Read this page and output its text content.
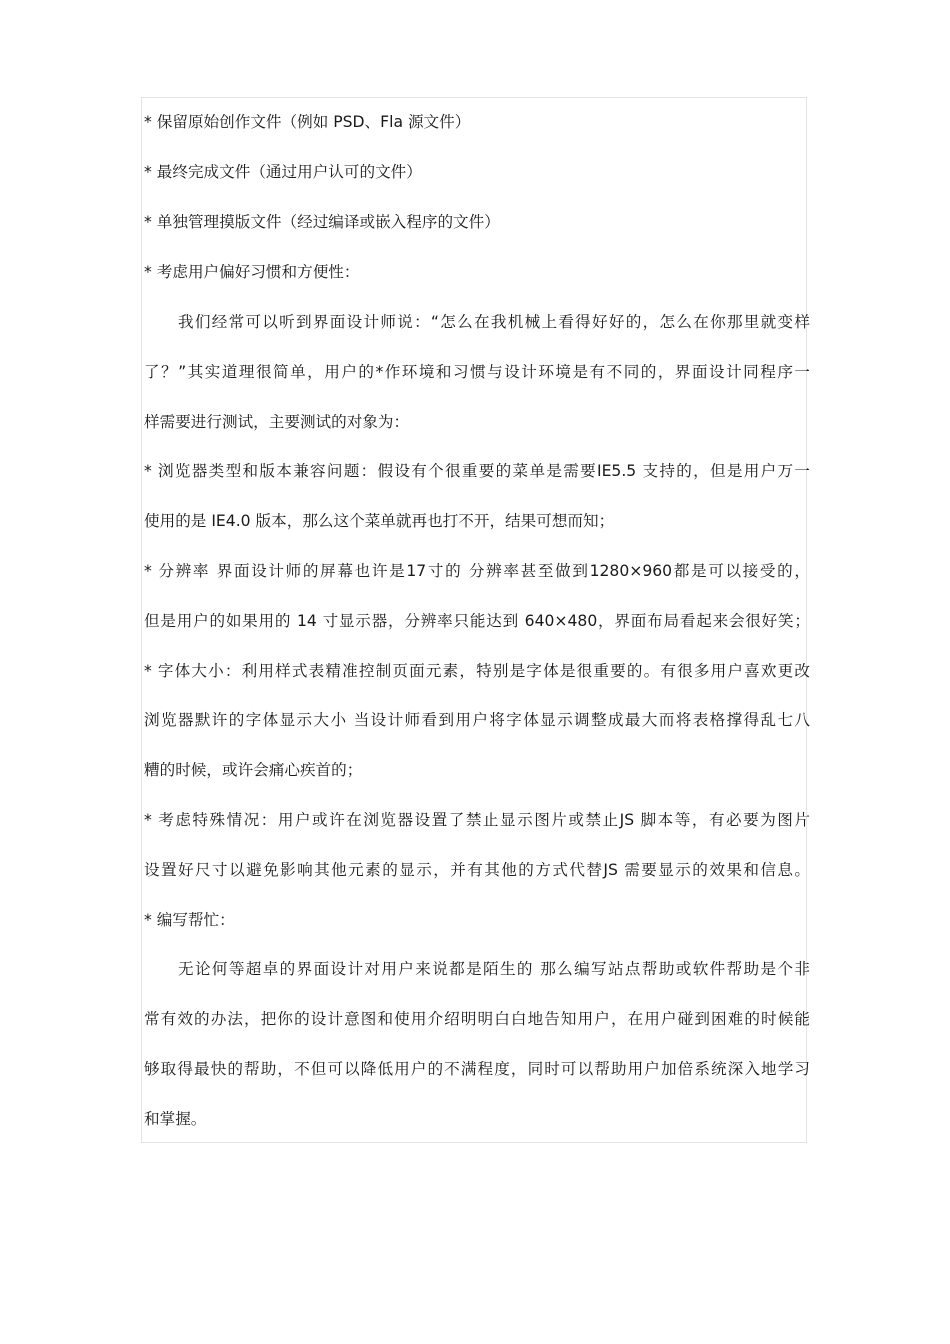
* 保留原始创作文件（例如 PSD、Fla 源文件）
* 最终完成文件（通过用户认可的文件）
* 单独管理摸版文件（经过编译或嵌入程序的文件）
* 考虑用户偏好习惯和方便性：
我们经常可以听到界面设计师说：“怎么在我机械上看得好好的，怎么在你那里就变样
了？”其实道理很简单，用户的*作环境和习惯与设计环境是有不同的，界面设计同程序一
样需要进行测试，主要测试的对象为：
* 浏览器类型和版本兼容问题：假设有个很重要的菜单是需要IE5.5 支持的，但是用户万一
使用的是 IE4.0 版本，那么这个菜单就再也打不开，结果可想而知；
* 分辨率 界面设计师的屏幕也许是17寸的 分辨率甚至做到1280×960都是可以接受的，
但是用户的如果用的 14 寸显示器，分辨率只能达到 640×480，界面布局看起来会很好笑；
* 字体大小：利用样式表精准控制页面元素，特别是字体是很重要的。有很多用户喜欢更改
浏览器默许的字体显示大小 当设计师看到用户将字体显示调整成最大而将表格撑得乱七八
糟的时候，或许会痛心疾首的；
* 考虑特殊情况：用户或许在浏览器设置了禁止显示图片或禁止JS 脚本等，有必要为图片
设置好尺寸以避免影响其他元素的显示，并有其他的方式代替JS 需要显示的效果和信息。
* 编写帮忙：
无论何等超卓的界面设计对用户来说都是陌生的 那么编写站点帮助或软件帮助是个非
常有效的办法，把你的设计意图和使用介绍明明白白地告知用户，在用户碰到困难的时候能
够取得最快的帮助，不但可以降低用户的不满程度，同时可以帮助用户加倍系统深入地学习
和掌握。
